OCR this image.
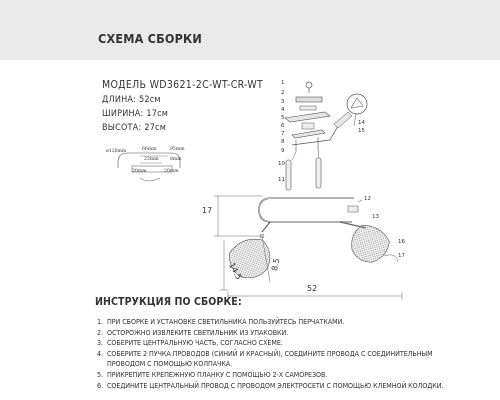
СХЕМА СБОРКИ
МОДЕЛЬ WD3621-2C-WT-CR-WT
ДЛИНА: 52см
ШИРИНА: 17см
ВЫСОТА: 27см
ø120mm	66mm	95mm
23mm 8mm
20mm	20mm
1
2
3
4
5
6
7
8
9
10
11
12
13
14
15
16
17
17
14.5	8.5
52
ИНСТРУКЦИЯ ПО СБОРКЕ:
1. ПРИ СБОРКЕ И УСТАНОВКЕ СВЕТИЛЬНИКА ПОЛЬЗУЙТЕСЬ ПЕРЧАТКАМИ.
2. ОСТОРОЖНО ИЗВЛЕКИТЕ СВЕТИЛЬНИК ИЗ УПАКОВКИ.
3. СОБЕРИТЕ ЦЕНТРАЛЬНУЮ ЧАСТЬ, СОГЛАСНО СХЕМЕ.
4. СОБЕРИТЕ 2 ПУЧКА ПРОВОДОВ (СИНИЙ И КРАСНЫЙ), СОЕДИНИТЕ ПРОВОДА С СОЕДИНИТЕЛЬНЫМ
ПРОВОДОМ С ПОМОЩЬЮ КОЛПАЧКА.
5. ПРИКРЕПИТЕ КРЕПЕЖНУЮ ПЛАНКУ С ПОМОЩЬЮ 2-Х САМОРЕЗОВ.
6. СОЕДИНИТЕ ЦЕНТРАЛЬНЫЙ ПРОВОД С ПРОВОДОМ ЭЛЕКТРОСЕТИ С ПОМОЩЬЮ КЛЕМНОЙ КОЛОДКИ.
